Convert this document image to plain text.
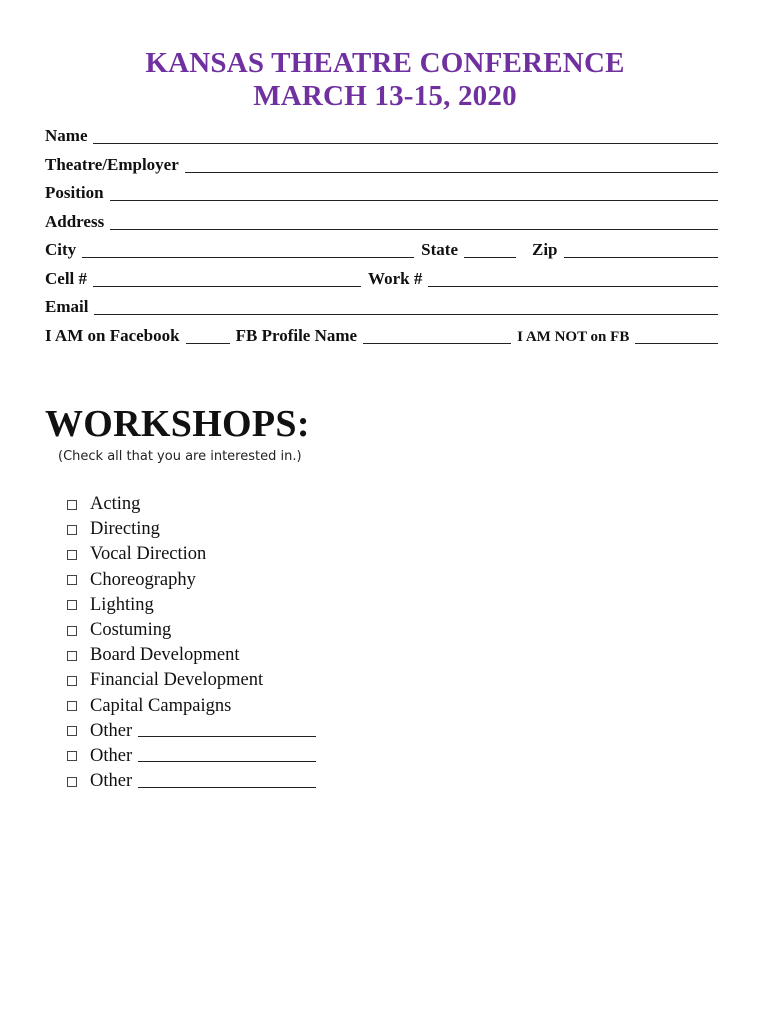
KANSAS THEATRE CONFERENCE
MARCH 13-15, 2020
Name
Theatre/Employer
Position
Address
City	State	Zip
Cell #	Work #
Email
I AM on Facebook	FB Profile Name	I AM NOT on FB
WORKSHOPS:
(Check all that you are interested in.)
Acting
Directing
Vocal Direction
Choreography
Lighting
Costuming
Board Development
Financial Development
Capital Campaigns
Other
Other
Other
